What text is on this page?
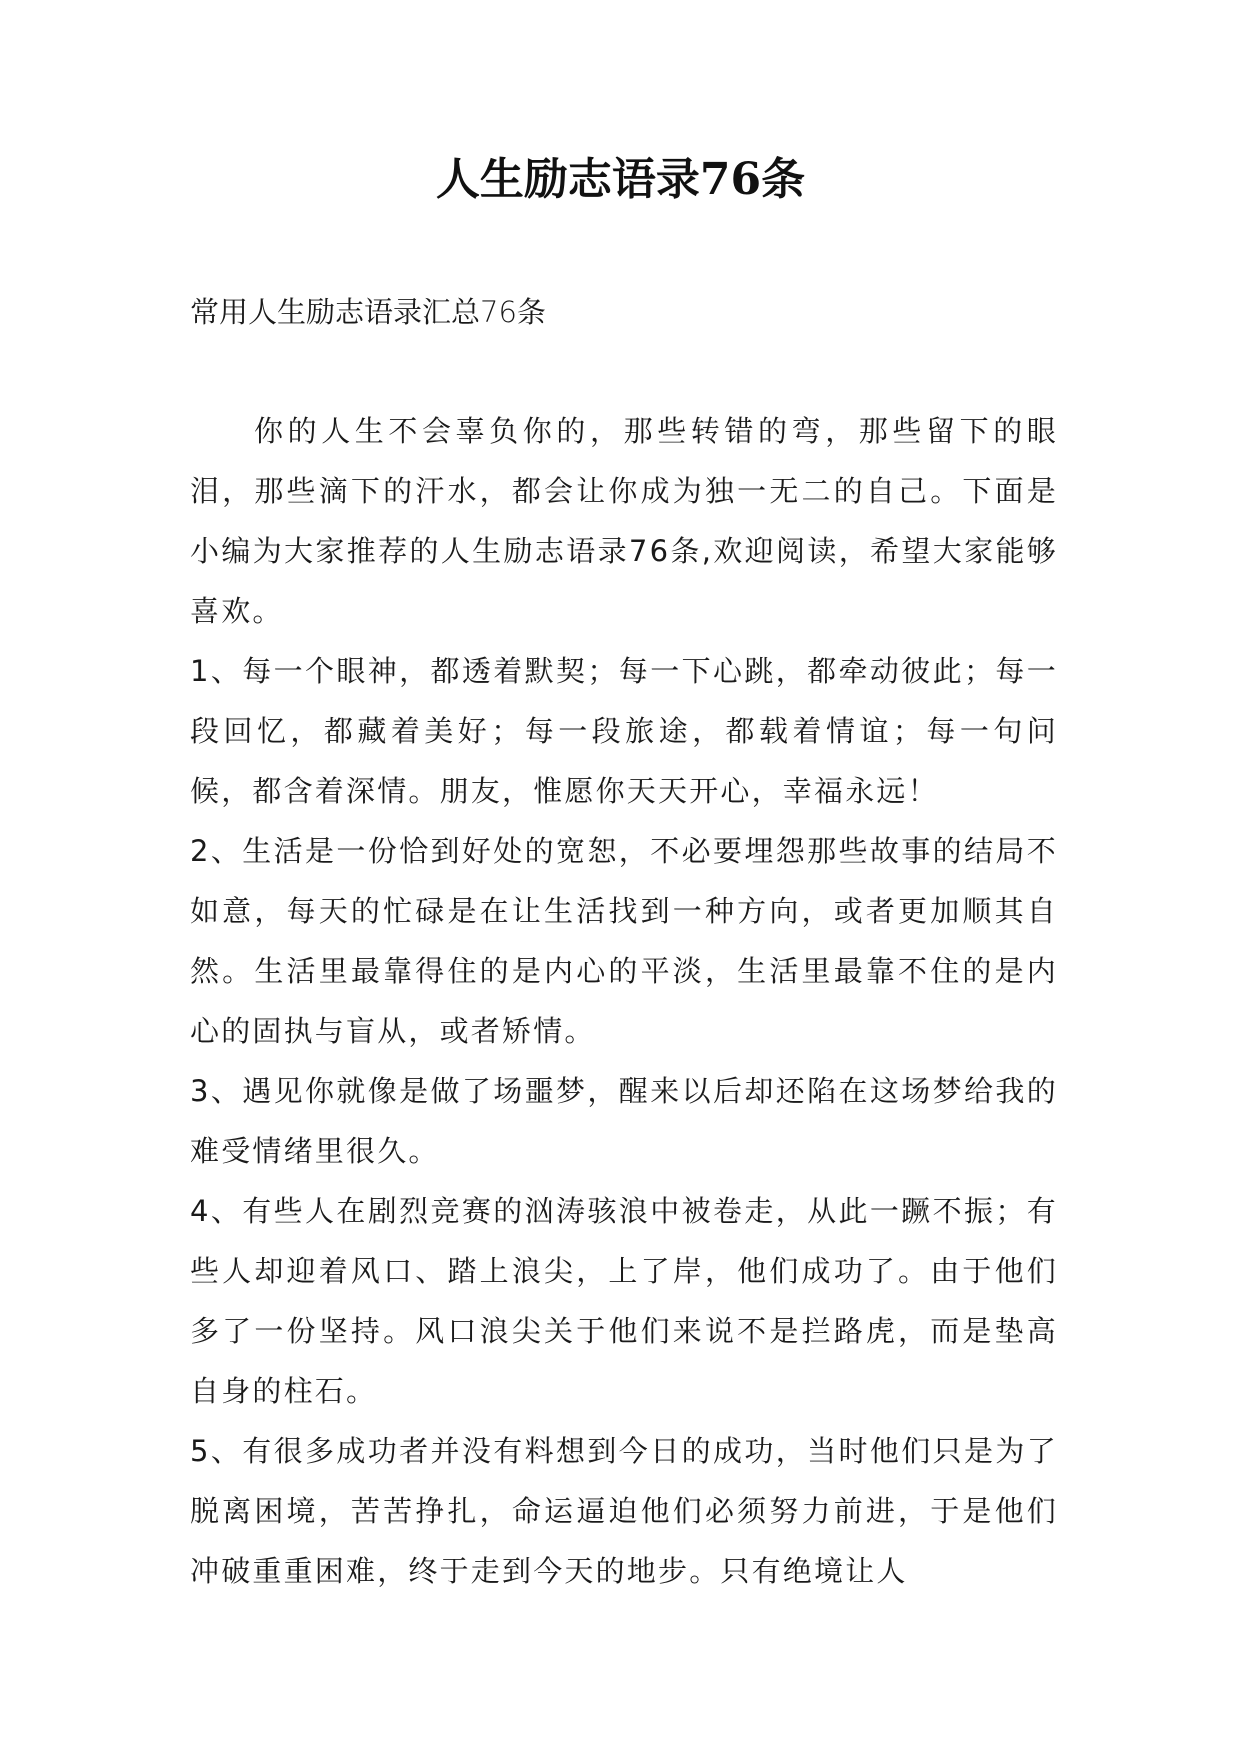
人生励志语录76条

常用人生励志语录汇总76条

你的人生不会辜负你的，那些转错的弯，那些留下的眼泪，那些滴下的汗水，都会让你成为独一无二的自己。下面是小编为大家推荐的人生励志语录76条,欢迎阅读，希望大家能够喜欢。

1、每一个眼神，都透着默契；每一下心跳，都牵动彼此；每一段回忆，都藏着美好；每一段旅途，都载着情谊；每一句问候，都含着深情。朋友，惟愿你天天开心，幸福永远！

2、生活是一份恰到好处的宽恕，不必要埋怨那些故事的结局不如意，每天的忙碌是在让生活找到一种方向，或者更加顺其自然。生活里最靠得住的是内心的平淡，生活里最靠不住的是内心的固执与盲从，或者矫情。

3、遇见你就像是做了场噩梦，醒来以后却还陷在这场梦给我的难受情绪里很久。

4、有些人在剧烈竞赛的汹涛骇浪中被卷走，从此一蹶不振；有些人却迎着风口、踏上浪尖，上了岸，他们成功了。由于他们多了一份坚持。风口浪尖关于他们来说不是拦路虎，而是垫高自身的柱石。

5、有很多成功者并没有料想到今日的成功，当时他们只是为了脱离困境，苦苦挣扎，命运逼迫他们必须努力前进，于是他们冲破重重困难，终于走到今天的地步。只有绝境让人
